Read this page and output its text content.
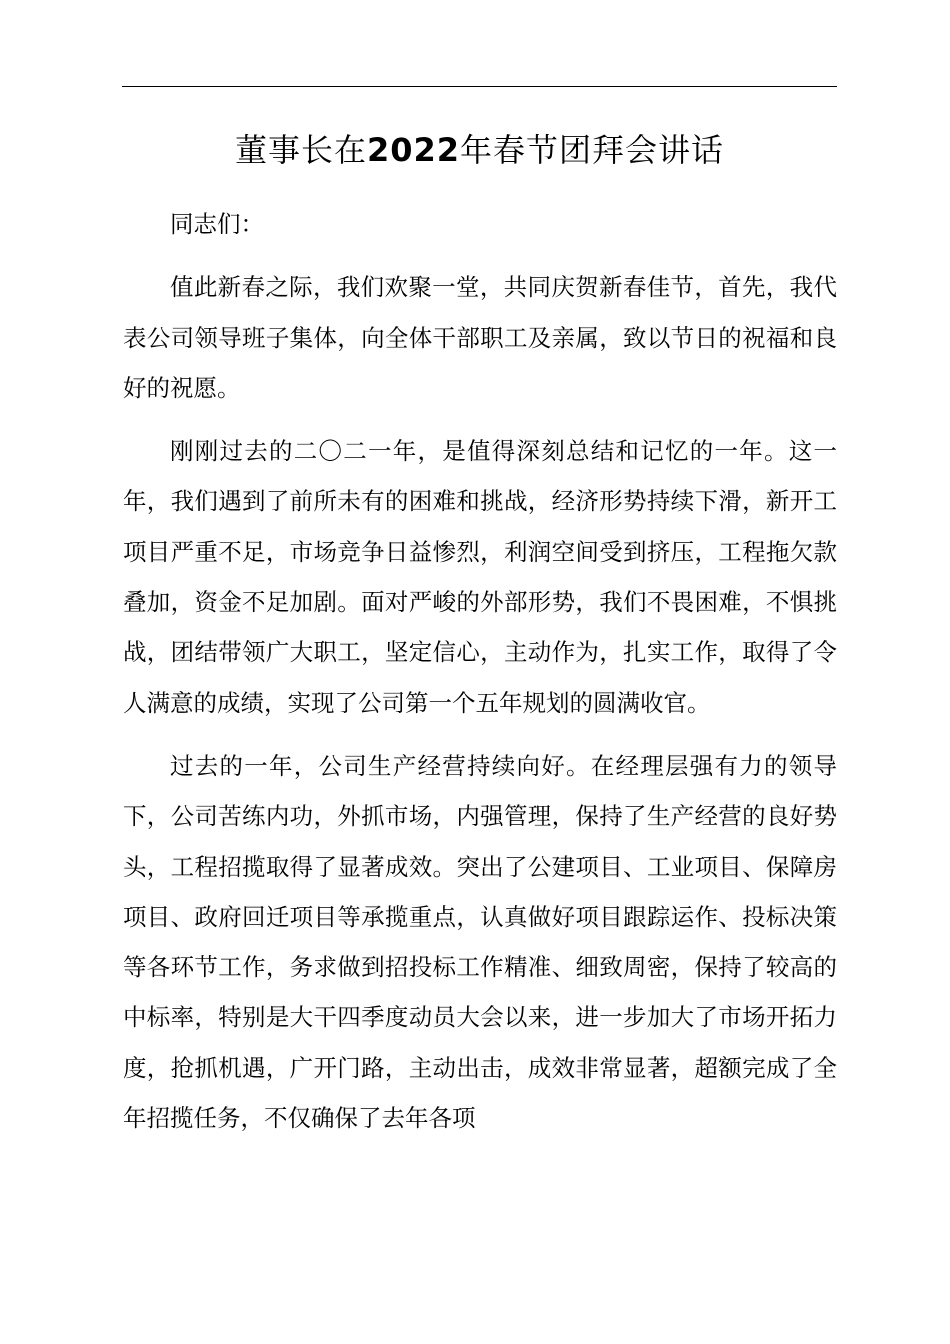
董事长在2022年春节团拜会讲话

同志们：

值此新春之际，我们欢聚一堂，共同庆贺新春佳节，首先，我代表公司领导班子集体，向全体干部职工及亲属，致以节日的祝福和良好的祝愿。

刚刚过去的二〇二一年，是值得深刻总结和记忆的一年。这一年，我们遇到了前所未有的困难和挑战，经济形势持续下滑，新开工项目严重不足，市场竞争日益惨烈，利润空间受到挤压，工程拖欠款叠加，资金不足加剧。面对严峻的外部形势，我们不畏困难，不惧挑战，团结带领广大职工，坚定信心，主动作为，扎实工作，取得了令人满意的成绩，实现了公司第一个五年规划的圆满收官。

过去的一年，公司生产经营持续向好。在经理层强有力的领导下，公司苦练内功，外抓市场，内强管理，保持了生产经营的良好势头，工程招揽取得了显著成效。突出了公建项目、工业项目、保障房项目、政府回迁项目等承揽重点，认真做好项目跟踪运作、投标决策等各环节工作，务求做到招投标工作精准、细致周密，保持了较高的中标率，特别是大干四季度动员大会以来，进一步加大了市场开拓力度，抢抓机遇，广开门路，主动出击，成效非常显著，超额完成了全年招揽任务，不仅确保了去年各项
